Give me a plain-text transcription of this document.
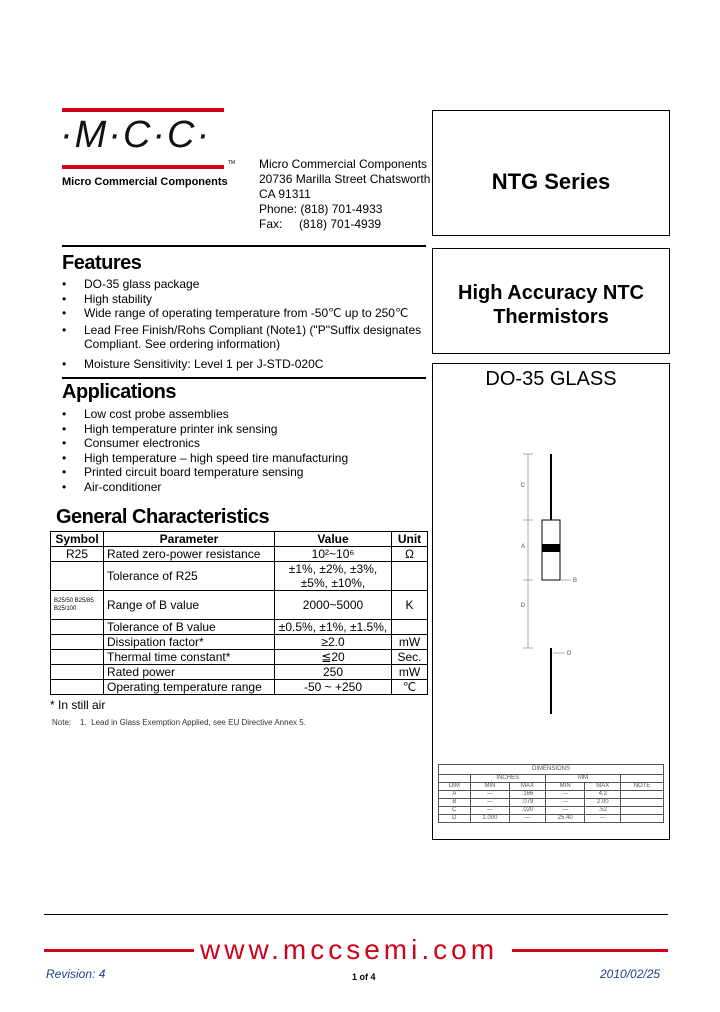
·M·C·C·
TM
Micro Commercial Components
Micro Commercial Components
20736 Marilla Street Chatsworth
CA 91311
Phone: (818) 701-4933
Fax:     (818) 701-4939
NTG Series
High Accuracy NTC
Thermistors
DO-35 GLASS
C
A
B
D
D
DIMENSIONS
	INCHES		MM		
DIM	MIN	MAX	MIN	MAX	NOTE
A	---	.166	---	4.2	
B	---	.079	---	2.00	
C	---	.020	---	.52	
D	1.000	---	25.40	---	
Features
• DO-35 glass package
• High stability
• Wide range of operating temperature from -50℃ up to 250℃
• Lead Free Finish/Rohs Compliant (Note1) ("P"Suffix designates Compliant. See ordering information)
• Moisture Sensitivity: Level 1 per J-STD-020C
Applications
• Low cost probe assemblies
• High temperature printer ink sensing
• Consumer electronics
• High temperature – high speed tire manufacturing
• Printed circuit board temperature sensing
• Air-conditioner
General Characteristics
Symbol	Parameter	Value	Unit
R25	Rated zero-power resistance	10²~10⁶	Ω
	Tolerance of R25	±1%, ±2%, ±3%, ±5%, ±10%,	
B25/50 B25/85 B25/100	Range of B value	2000~5000	K
	Tolerance of B value	±0.5%, ±1%, ±1.5%,	
	Dissipation factor*	≥2.0	mW
	Thermal time constant*	≦20	Sec.
	Rated power	250	mW
	Operating temperature range	-50 ~ +250	℃
* In still air
Note:    1.  Lead in Glass Exemption Applied, see EU Directive Annex 5.
www.mccsemi.com
Revision: 4	1 of 4	2010/02/25
